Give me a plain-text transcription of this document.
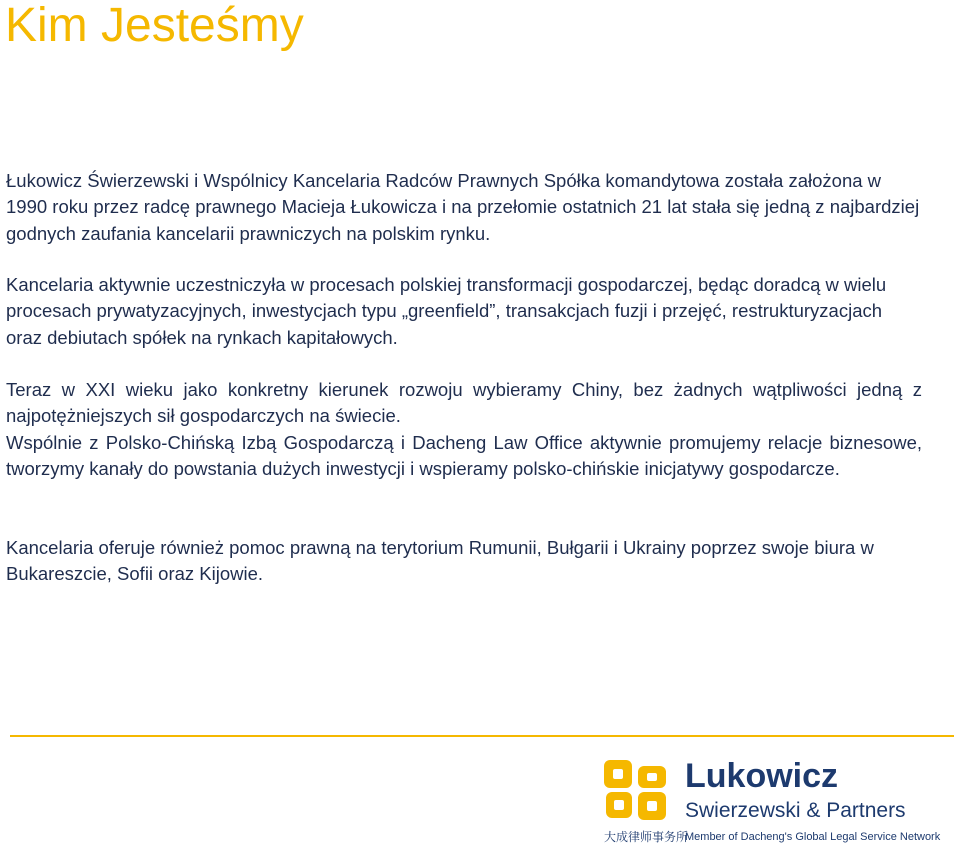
Kim Jesteśmy

Łukowicz Świerzewski i Wspólnicy Kancelaria Radców Prawnych Spółka komandytowa została założona w 1990 roku przez radcę prawnego Macieja Łukowicza i na przełomie ostatnich 21 lat stała się jedną z najbardziej godnych zaufania kancelarii prawniczych na polskim rynku.

Kancelaria aktywnie uczestniczyła w procesach polskiej transformacji gospodarczej, będąc doradcą w wielu procesach prywatyzacyjnych, inwestycjach typu „greenfield”, transakcjach fuzji i przejęć, restrukturyzacjach oraz debiutach spółek na rynkach kapitałowych.

Teraz w XXI wieku jako konkretny kierunek rozwoju wybieramy Chiny, bez żadnych wątpliwości jedną z najpotężniejszych sił gospodarczych na świecie.

Wspólnie z Polsko-Chińską Izbą Gospodarczą i Dacheng Law Office aktywnie promujemy relacje biznesowe, tworzymy kanały do powstania dużych inwestycji i wspieramy polsko-chińskie inicjatywy gospodarcze.

Kancelaria oferuje również pomoc prawną na terytorium Rumunii, Bułgarii i Ukrainy poprzez swoje biura w Bukareszcie, Sofii oraz Kijowie.

Lukowicz
Swierzewski & Partners
大成律师事务所
Member of Dacheng's Global Legal Service Network
